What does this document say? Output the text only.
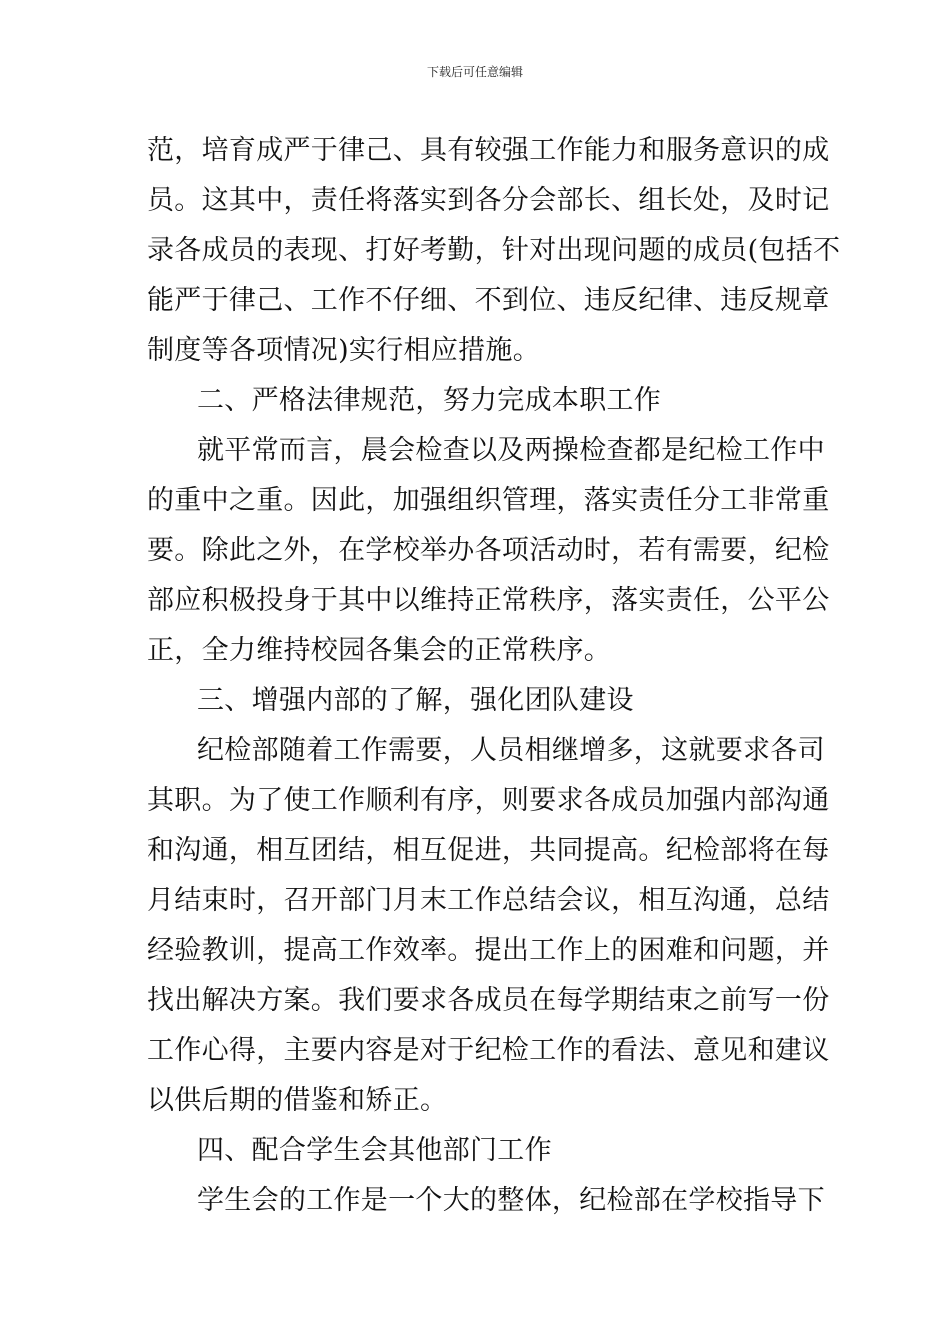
下载后可任意编辑
范，培育成严于律己、具有较强工作能力和服务意识的成
员。这其中，责任将落实到各分会部长、组长处，及时记
录各成员的表现、打好考勤，针对出现问题的成员(包括不
能严于律己、工作不仔细、不到位、违反纪律、违反规章
制度等各项情况)实行相应措施。
二、严格法律规范，努力完成本职工作
就平常而言，晨会检查以及两操检查都是纪检工作中
的重中之重。因此，加强组织管理，落实责任分工非常重
要。除此之外，在学校举办各项活动时，若有需要，纪检
部应积极投身于其中以维持正常秩序，落实责任，公平公
正，全力维持校园各集会的正常秩序。
三、增强内部的了解，强化团队建设
纪检部随着工作需要，人员相继增多，这就要求各司
其职。为了使工作顺利有序，则要求各成员加强内部沟通
和沟通，相互团结，相互促进，共同提高。纪检部将在每
月结束时，召开部门月末工作总结会议，相互沟通，总结
经验教训，提高工作效率。提出工作上的困难和问题，并
找出解决方案。我们要求各成员在每学期结束之前写一份
工作心得，主要内容是对于纪检工作的看法、意见和建议
以供后期的借鉴和矫正。
四、配合学生会其他部门工作
学生会的工作是一个大的整体，纪检部在学校指导下
